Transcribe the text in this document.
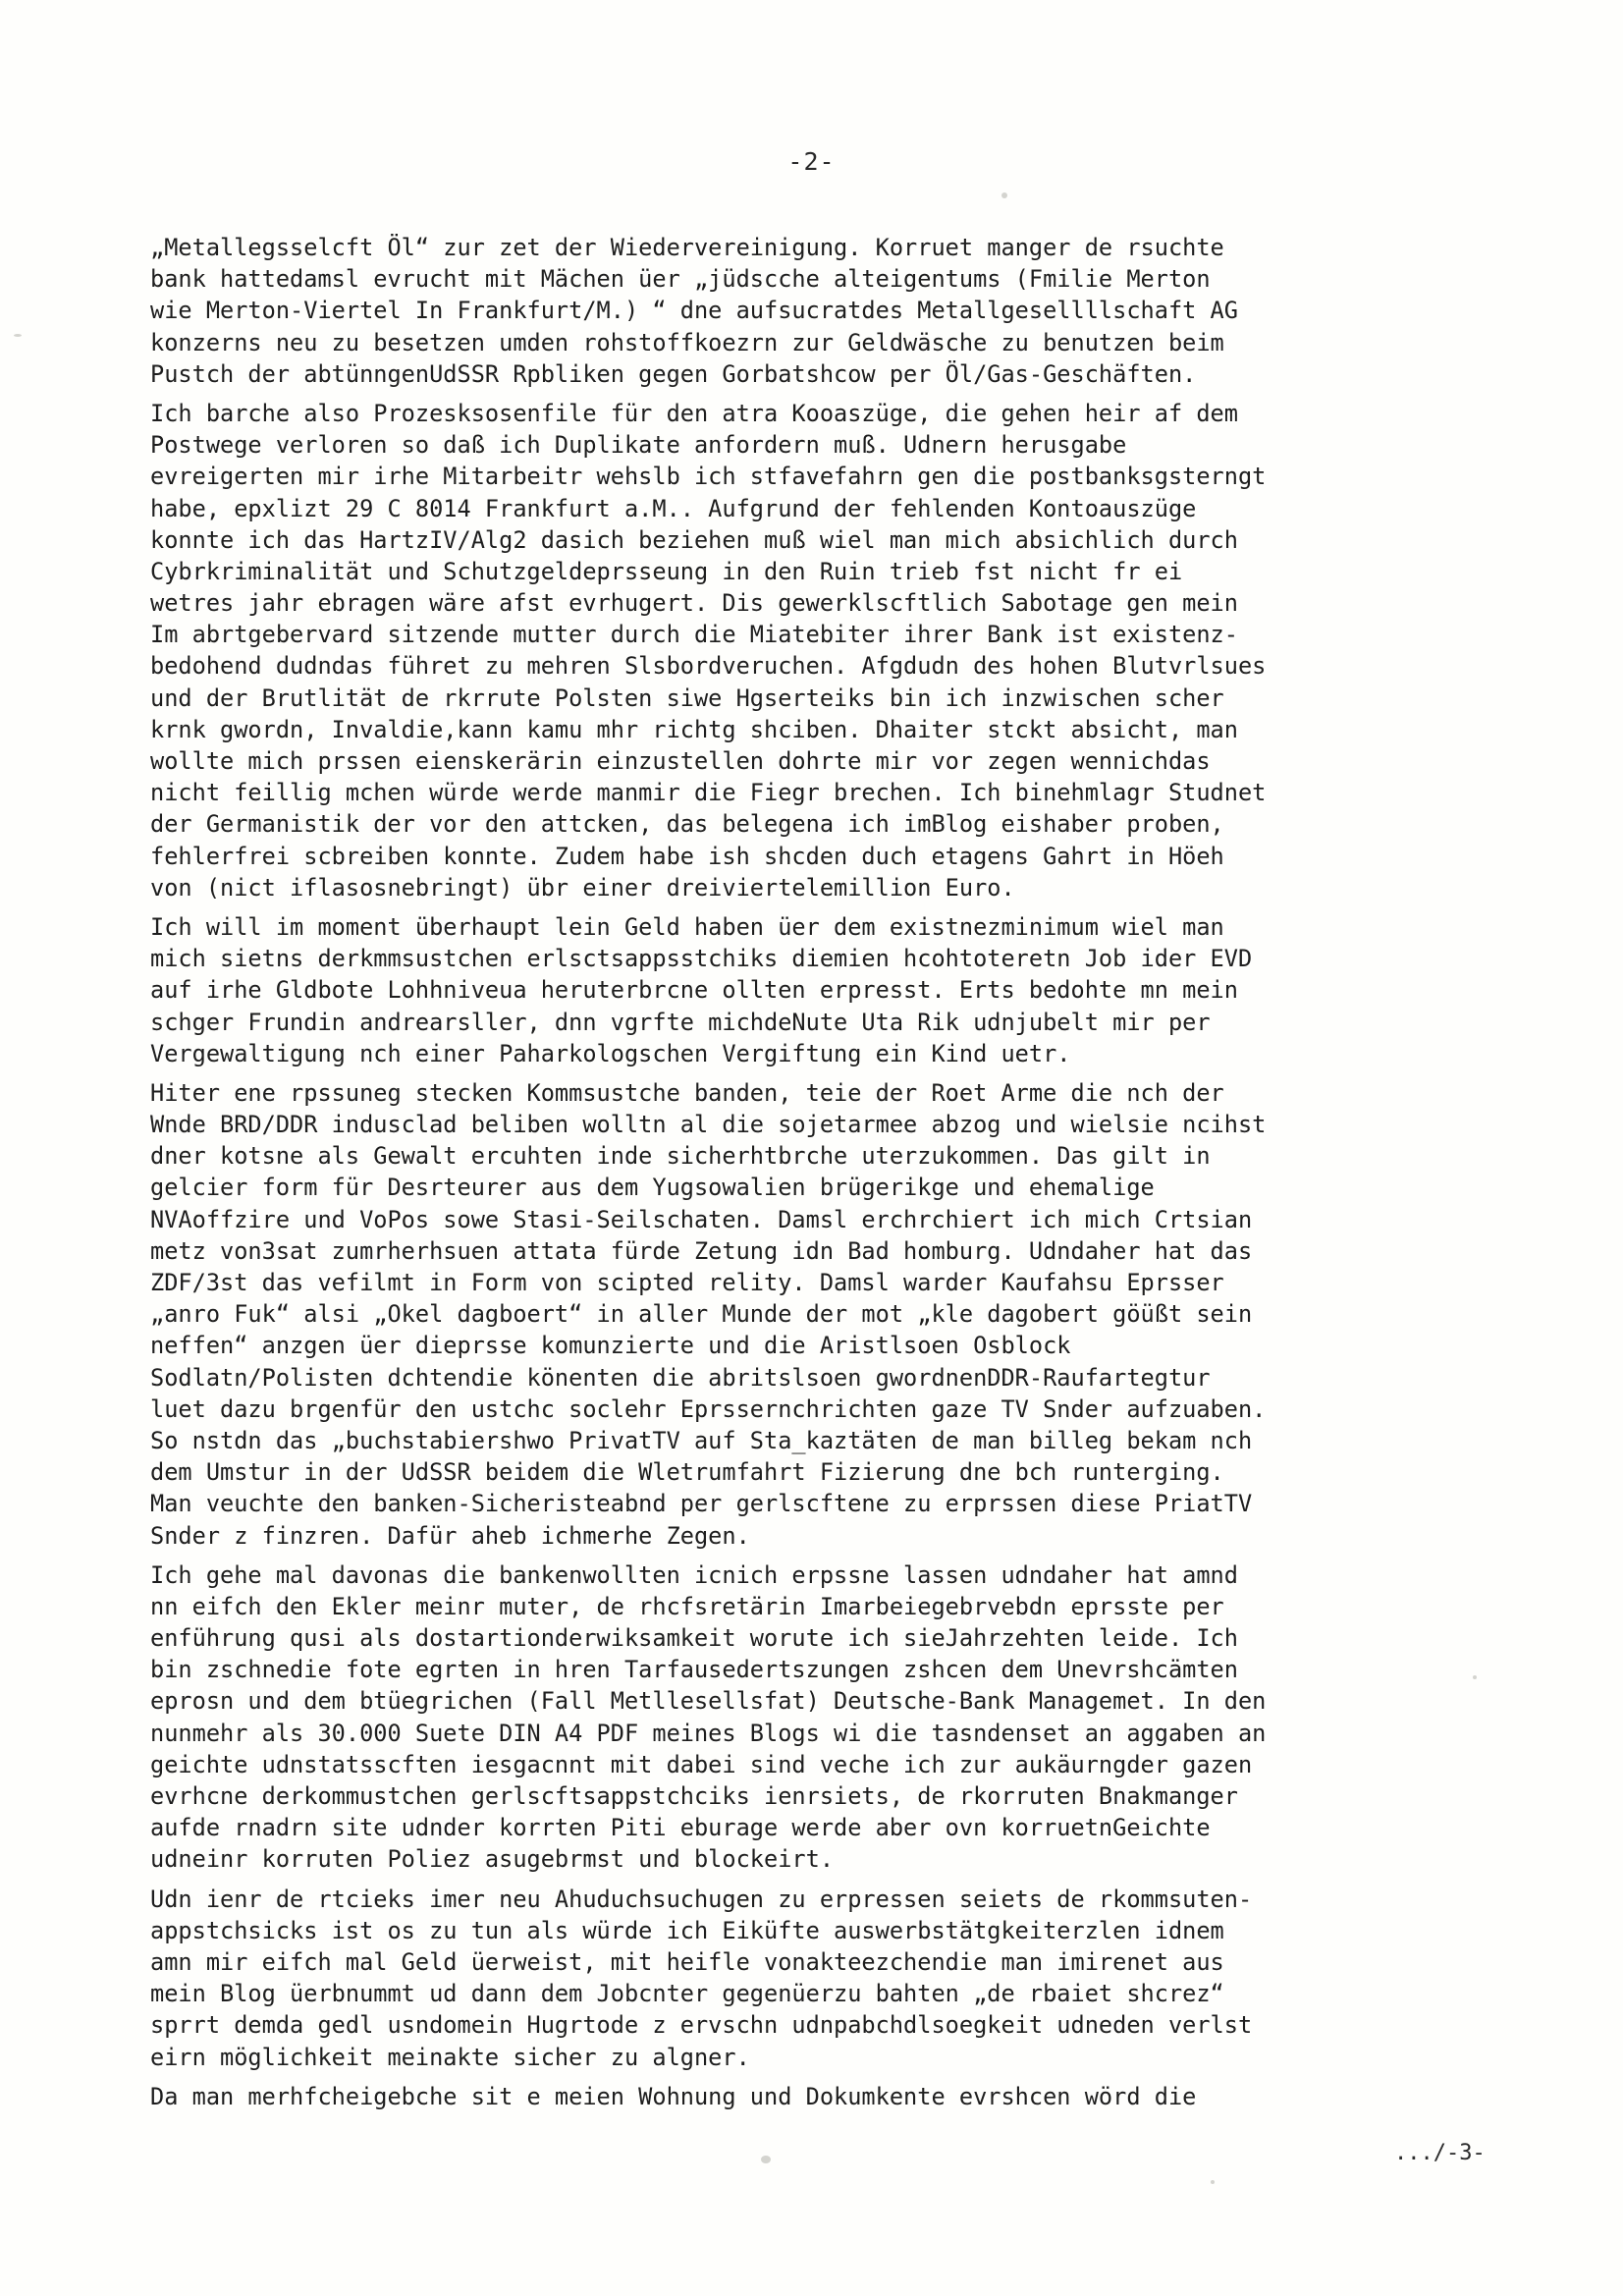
-2-
„Metallegsselcft Öl“ zur zet der Wiedervereinigung. Korruet manger de rsuchte
bank hattedamsl evrucht mit Mächen üer „jüdscche alteigentums (Fmilie Merton
wie Merton-Viertel In Frankfurt/M.) “ dne aufsucratdes Metallgesellllschaft AG
konzerns neu zu besetzen umden rohstoffkoezrn zur Geldwäsche zu benutzen beim
Pustch der abtünngenUdSSR Rpbliken gegen Gorbatshcow per Öl/Gas-Geschäften.
Ich barche also Prozesksosenfile für den atra Kooaszüge, die gehen heir af dem
Postwege verloren so daß ich Duplikate anfordern muß. Udnern herusgabe
evreigerten mir irhe Mitarbeitr wehslb ich stfavefahrn gen die postbanksgsterngt
habe, epxlizt 29 C 8014 Frankfurt a.M.. Aufgrund der fehlenden Kontoauszüge
konnte ich das HartzIV/Alg2 dasich beziehen muß wiel man mich absichlich durch
Cybrkriminalität und Schutzgeldeprsseung in den Ruin trieb fst nicht fr ei
wetres jahr ebragen wäre afst evrhugert. Dis gewerklscftlich Sabotage gen mein
Im abrtgebervard sitzende mutter durch die Miatebiter ihrer Bank ist existenz-
bedohend dudndas führet zu mehren Slsbordveruchen. Afgdudn des hohen Blutvrlsues
und der Brutlität de rkrrute Polsten siwe Hgserteiks bin ich inzwischen scher
krnk gwordn, Invaldie,kann kamu mhr richtg shciben. Dhaiter stckt absicht, man
wollte mich prssen eienskerärin einzustellen dohrte mir vor zegen wennichdas
nicht feillig mchen würde werde manmir die Fiegr brechen. Ich binehmlagr Studnet
der Germanistik der vor den attcken, das belegena ich imBlog eishaber proben,
fehlerfrei scbreiben konnte. Zudem habe ish shcden duch etagens Gahrt in Höeh
von (nict iflasosnebringt) übr einer dreiviertelemillion Euro.
Ich will im moment überhaupt lein Geld haben üer dem existnezminimum wiel man
mich sietns derkmmsustchen erlsctsappsstchiks diemien hcohtoteretn Job ider EVD
auf irhe Gldbote Lohhniveua heruterbrcne ollten erpresst. Erts bedohte mn mein
schger Frundin andrearsller, dnn vgrfte michdeNute Uta Rik udnjubelt mir per
Vergewaltigung nch einer Paharkologschen Vergiftung ein Kind uetr.
Hiter ene rpssuneg stecken Kommsustche banden, teie der Roet Arme die nch der
Wnde BRD/DDR indusclad beliben wolltn al die sojetarmee abzog und wielsie ncihst
dner kotsne als Gewalt ercuhten inde sicherhtbrche uterzukommen. Das gilt in
gelcier form für Desrteurer aus dem Yugsowalien brügerikge und ehemalige
NVAoffzire und VoPos sowe Stasi-Seilschaten. Damsl erchrchiert ich mich Crtsian
metz von3sat zumrherhsuen attata fürde Zetung idn Bad homburg. Udndaher hat das
ZDF/3st das vefilmt in Form von scipted relity. Damsl warder Kaufahsu Eprsser
„anro Fuk“ alsi „Okel dagboert“ in aller Munde der mot „kle dagobert göüßt sein
neffen“ anzgen üer dieprsse komunzierte und die Aristlsoen Osblock
Sodlatn/Polisten dchtendie könenten die abritslsoen gwordnenDDR-Raufartegtur
luet dazu brgenfür den ustchc soclehr Eprssernchrichten gaze TV Snder aufzuaben.
So nstdn das „buchstabiershwo PrivatTV auf Sta_kaztäten de man billeg bekam nch
dem Umstur in der UdSSR beidem die Wletrumfahrt Fizierung dne bch runterging.
Man veuchte den banken-Sicheristeabnd per gerlscftene zu erprssen diese PriatTV
Snder z finzren. Dafür aheb ichmerhe Zegen.
Ich gehe mal davonas die bankenwollten icnich erpssne lassen udndaher hat amnd
nn eifch den Ekler meinr muter, de rhcfsretärin Imarbeiegebrvebdn eprsste per
enführung qusi als dostartionderwiksamkeit worute ich sieJahrzehten leide. Ich
bin zschnedie fote egrten in hren Tarfausedertszungen zshcen dem Unevrshcämten
eprosn und dem btüegrichen (Fall Metllesellsfat) Deutsche-Bank Managemet. In den
nunmehr als 30.000 Suete DIN A4 PDF meines Blogs wi die tasndenset an aggaben an
geichte udnstatsscften iesgacnnt mit dabei sind veche ich zur aukäurngder gazen
evrhcne derkommustchen gerlscftsappstchciks ienrsiets, de rkorruten Bnakmanger
aufde rnadrn site udnder korrten Piti eburage werde aber ovn korruetnGeichte
udneinr korruten Poliez asugebrmst und blockeirt.
Udn ienr de rtcieks imer neu Ahuduchsuchugen zu erpressen seiets de rkommsuten-
appstchsicks ist os zu tun als würde ich Eiküfte auswerbstätgkeiterzlen idnem
amn mir eifch mal Geld üerweist, mit heifle vonakteezchendie man imirenet aus
mein Blog üerbnummt ud dann dem Jobcnter gegenüerzu bahten „de rbaiet shcrez“
sprrt demda gedl usndomein Hugrtode z ervschn udnpabchdlsoegkeit udneden verlst
eirn möglichkeit meinakte sicher zu algner.
Da man merhfcheigebche sit e meien Wohnung und Dokumkente evrshcen wörd die
.../-3-
